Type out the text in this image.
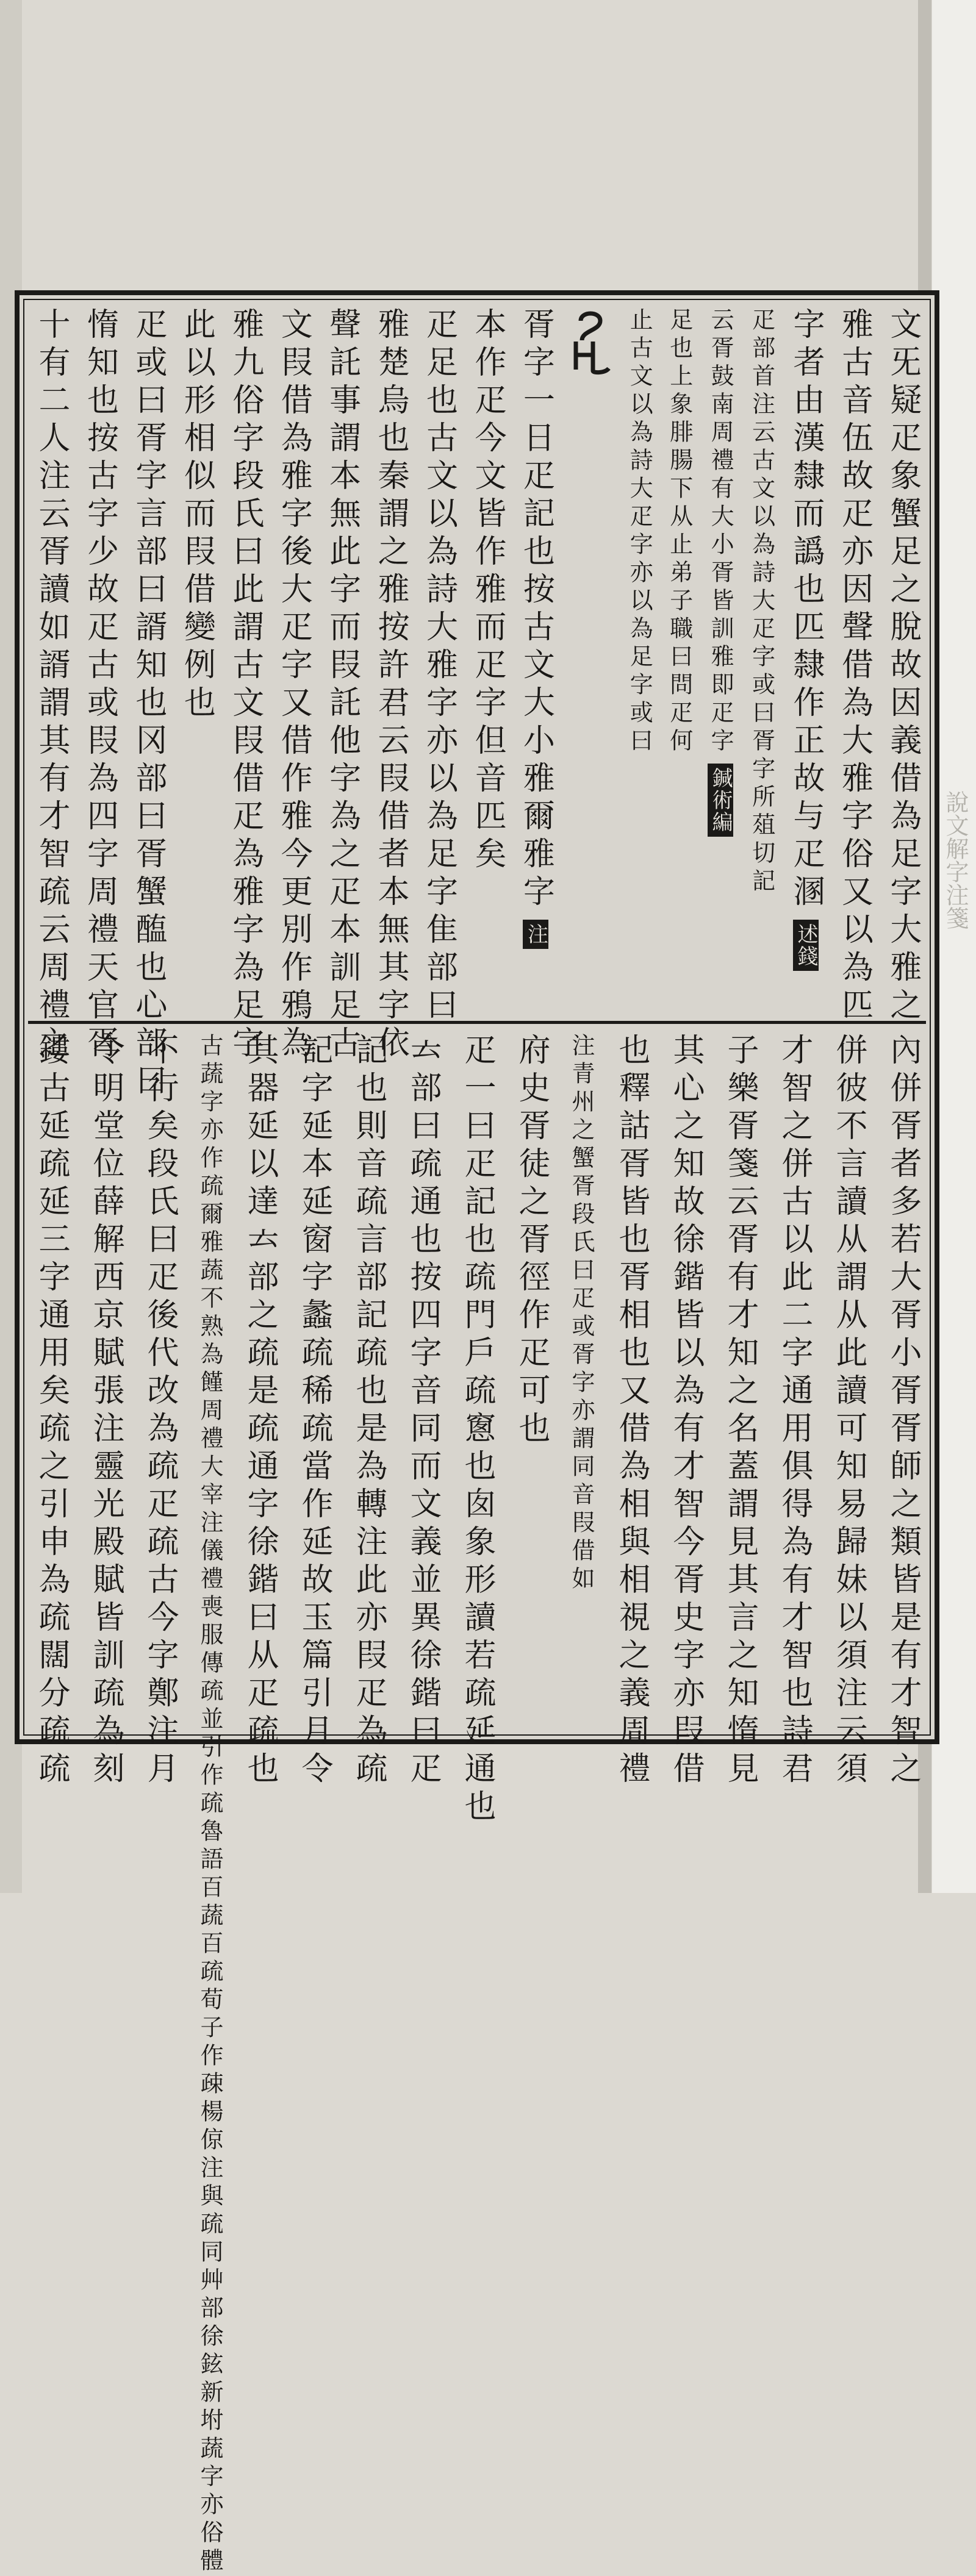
說文解字注箋
文旡疑疋象蟹足之脫故因義借為足字大雅之
雅古音伍故疋亦因聲借為大雅字俗又以為匹
字者由漢隸而譌也匹隸作正故与疋溷述錢
疋部首注云古文以為詩大疋字或曰胥字所葅切記
云胥鼓南周禮有大小胥皆訓雅即疋字鍼術編
足也上象腓腸下从止弟子職曰問疋何
止古文以為詩大疋字亦以為足字或曰
胥字一日疋記也按古文大小雅爾雅字注
本作疋今文皆作雅而疋字但音匹矣
疋足也古文以為詩大雅字亦以為足字隹部曰
雅楚烏也秦謂之雅按許君云叚借者本無其字依
聲託事謂本無此字而叚託他字為之疋本訓足古
文叚借為雅字後大疋字又借作雅今更別作鴉為
雅九俗字段氏曰此謂古文叚借疋為雅字為足字
此以形相似而叚借變例也
疋或曰胥字言部曰諝知也冈部曰胥蟹醢也心部曰
惰知也按古字少故疋古或叚為四字周禮天官胥
十有二人注云胥讀如諝謂其有才智疏云周禮之
內併胥者多若大胥小胥胥師之類皆是有才智之
併彼不言讀从謂从此讀可知易歸妹以須注云須
才智之併古以此二字通用俱得為有才智也詩君
子樂胥箋云胥有才知之名蓋謂見其言之知惰見
其心之知故徐鍇皆以為有才智今胥史字亦叚借
也釋詁胥皆也胥相也又借為相與相視之義周禮
注青州之蟹胥段氏曰疋或胥字亦謂同音叚借如
府史胥徒之胥徑作疋可也
疋一曰疋記也疏門戶疏窻也囱象形讀若疏延通也
𠫓部曰疏通也按四字音同而文義並異徐鍇曰疋
記也則音疏言部記疏也是為轉注此亦叚疋為疏
記字延本延窗字蠡疏稀疏當作延故玉篇引月令
其器延以達𠫓部之疏是疏通字徐鍇曰从疋疏也
古蔬字亦作疏爾雅蔬不熟為饉周禮大宰注儀禮喪服傳疏並引作疏魯語百蔬百疏荀子作疎楊倞注與疏同艸部徐鉉新坿蔬字亦俗體
不行矣段氏曰疋後代改為疏疋疏古今字鄭注月
令明堂位薛解西京賦張注靈光殿賦皆訓疏為刻
鏤古延疏延三字通用矣疏之引申為疏闊分疏疏
